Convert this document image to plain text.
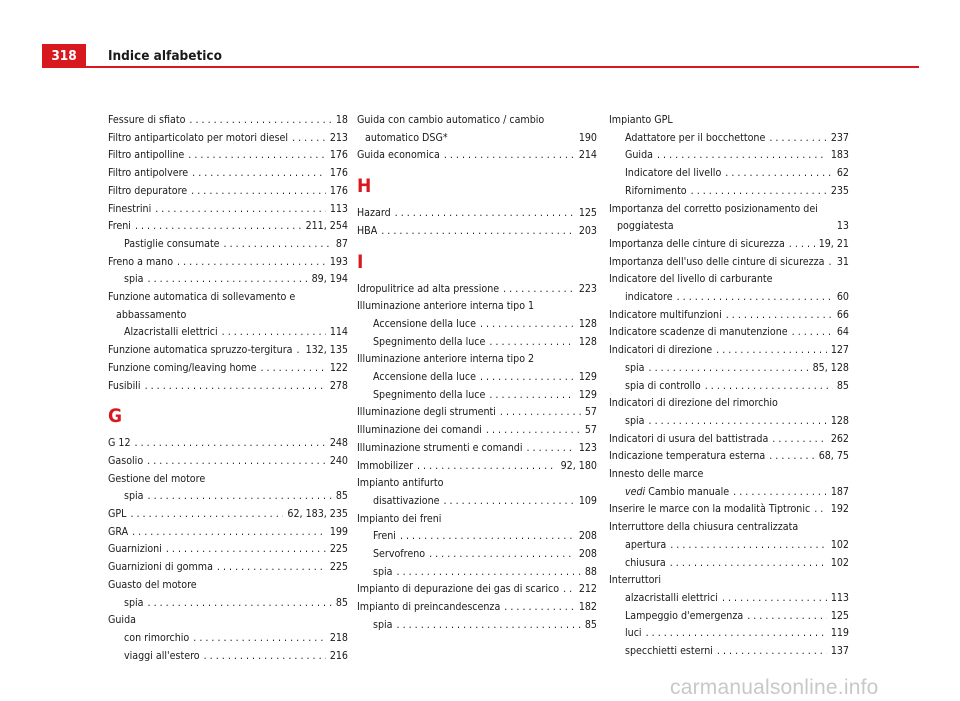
318 Indice alfabetico
Fessure di sfiato . . .	18
Filtro antiparticolato per motori diesel . . .	213
Filtro antipolline . . .	176
Filtro antipolvere . . .	176
Filtro depuratore . . .	176
Finestrini . . .	113
Freni . . .	211, 254
Pastiglie consumate . . .	87
Freno a mano . . .	193
spia . . .	89, 194
Funzione automatica di sollevamento e abbassamento
Alzacristalli elettrici . . .	114
Funzione automatica spruzzo-tergitura . . . 132, 135
Funzione coming/leaving home . . .	122
Fusibili . . .	278
G
G 12 . . .	248
Gasolio . . .	240
Gestione del motore
spia . . .	85
GPL . . .	62, 183, 235
GRA . . .	199
Guarnizioni . . .	225
Guarnizioni di gomma . . .	225
Guasto del motore
spia . . .	85
Guida
con rimorchio . . .	218
viaggi all'estero . . .	216
Guida con cambio automatico / cambio automatico DSG*	190
Guida economica . . .	214
H
Hazard . . .	125
HBA . . .	203
I
Idropulitrice ad alta pressione . . .	223
Illuminazione anteriore interna tipo 1
Accensione della luce . . .	128
Spegnimento della luce . . .	128
Illuminazione anteriore interna tipo 2
Accensione della luce . . .	129
Spegnimento della luce . . .	129
Illuminazione degli strumenti . . .	57
Illuminazione dei comandi . . .	57
Illuminazione strumenti e comandi . . .	123
Immobilizer . . .	92, 180
Impianto antifurto
disattivazione . . .	109
Impianto dei freni
Freni . . .	208
Servofreno . . .	208
spia . . .	88
Impianto di depurazione dei gas di scarico . . . 212
Impianto di preincandescenza . . .	182
spia . . .	85
Impianto GPL
Adattatore per il bocchettone . . .	237
Guida . . .	183
Indicatore del livello . . .	62
Rifornimento . . .	235
Importanza del corretto posizionamento dei poggiatesta	13
Importanza delle cinture di sicurezza . . .	19, 21
Importanza dell'uso delle cinture di sicurezza . . . 31
Indicatore del livello di carburante
indicatore . . .	60
Indicatore multifunzioni . . .	66
Indicatore scadenze di manutenzione . . .	64
Indicatori di direzione . . .	127
spia . . .	85, 128
spia di controllo . . .	85
Indicatori di direzione del rimorchio
spia . . .	128
Indicatori di usura del battistrada . . .	262
Indicazione temperatura esterna . . .	68, 75
Innesto delle marce
vedi Cambio manuale . . .	187
Inserire le marce con la modalità Tiptronic . . . 192
Interruttore della chiusura centralizzata
apertura . . .	102
chiusura . . .	102
Interruttori
alzacristalli elettrici . . .	113
Lampeggio d'emergenza . . .	125
luci . . .	119
specchietti esterni . . .	137
carmanualsonline.info
